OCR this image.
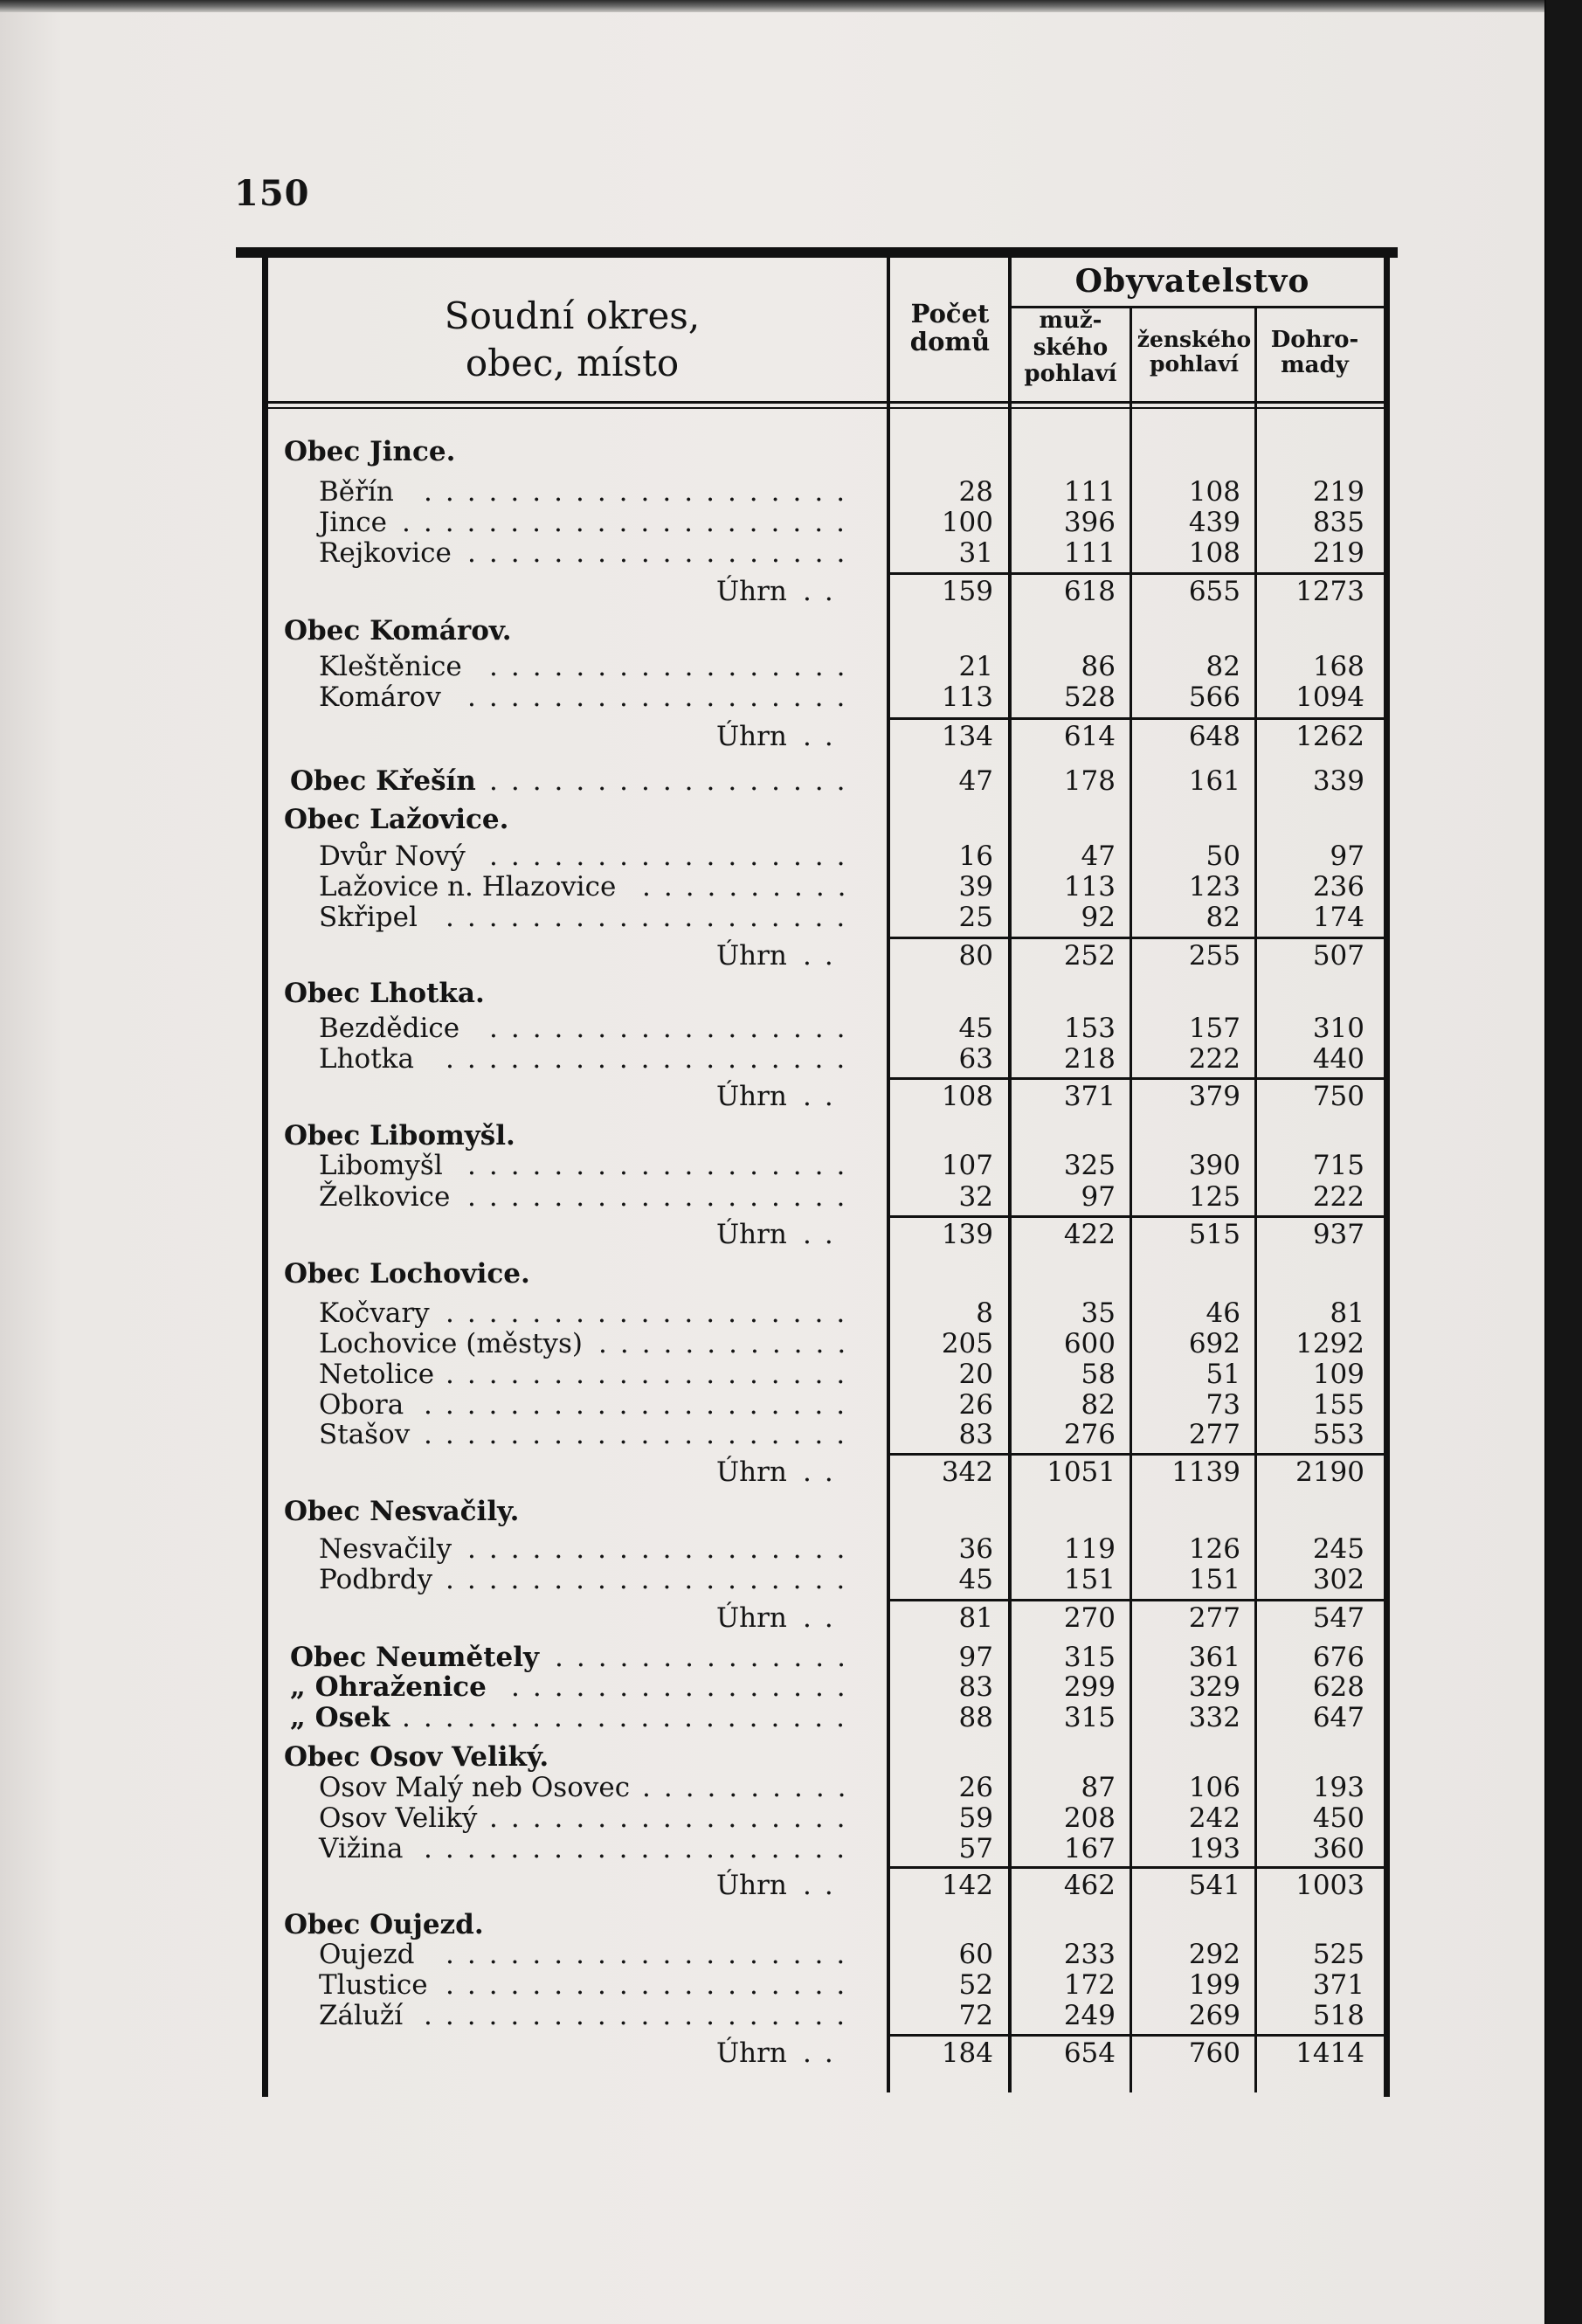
150
Soudní okres,
obec, místo
Počet
domů
Obyvatelstvo
muž-
ského
pohlaví
ženského
pohlaví
Dohro-
mady
Obec Jince.
Běřín ....................	28	111	108	219
Jince .....................	100	396	439	835
Rejkovice ..................	31	111	108	219
Úhrn ..	159	618	655	1273
Obec Komárov.
Kleštěnice .................	21	86	82	168
Komárov ..................	113	528	566	1094
Úhrn ..	134	614	648	1262
Obec Křešín .................	47	178	161	339
Obec Lažovice.
Dvůr Nový .................	16	47	50	97
Lažovice n. Hlazovice ..........	39	113	123	236
Skřipel ...................	25	92	82	174
Úhrn ..	80	252	255	507
Obec Lhotka.
Bezdědice .................	45	153	157	310
Lhotka ...................	63	218	222	440
Úhrn ..	108	371	379	750
Obec Libomyšl.
Libomyšl ..................	107	325	390	715
Želkovice ..................	32	97	125	222
Úhrn ..	139	422	515	937
Obec Lochovice.
Kočvary ...................	8	35	46	81
Lochovice (městys) ............	205	600	692	1292
Netolice ...................	20	58	51	109
Obora ....................	26	82	73	155
Stašov ....................	83	276	277	553
Úhrn ..	342	1051	1139	2190
Obec Nesvačily.
Nesvačily ..................	36	119	126	245
Podbrdy ...................	45	151	151	302
Úhrn ..	81	270	277	547
Obec Neumětely ..............	97	315	361	676
„ Ohraženice ................	83	299	329	628
„ Osek .....................	88	315	332	647
Obec Osov Veliký.
Osov Malý neb Osovec ..........	26	87	106	193
Osov Veliký .................	59	208	242	450
Vižina ....................	57	167	193	360
Úhrn ..	142	462	541	1003
Obec Oujezd.
Oujezd ...................	60	233	292	525
Tlustice ...................	52	172	199	371
Záluží ....................	72	249	269	518
Úhrn ..	184	654	760	1414
